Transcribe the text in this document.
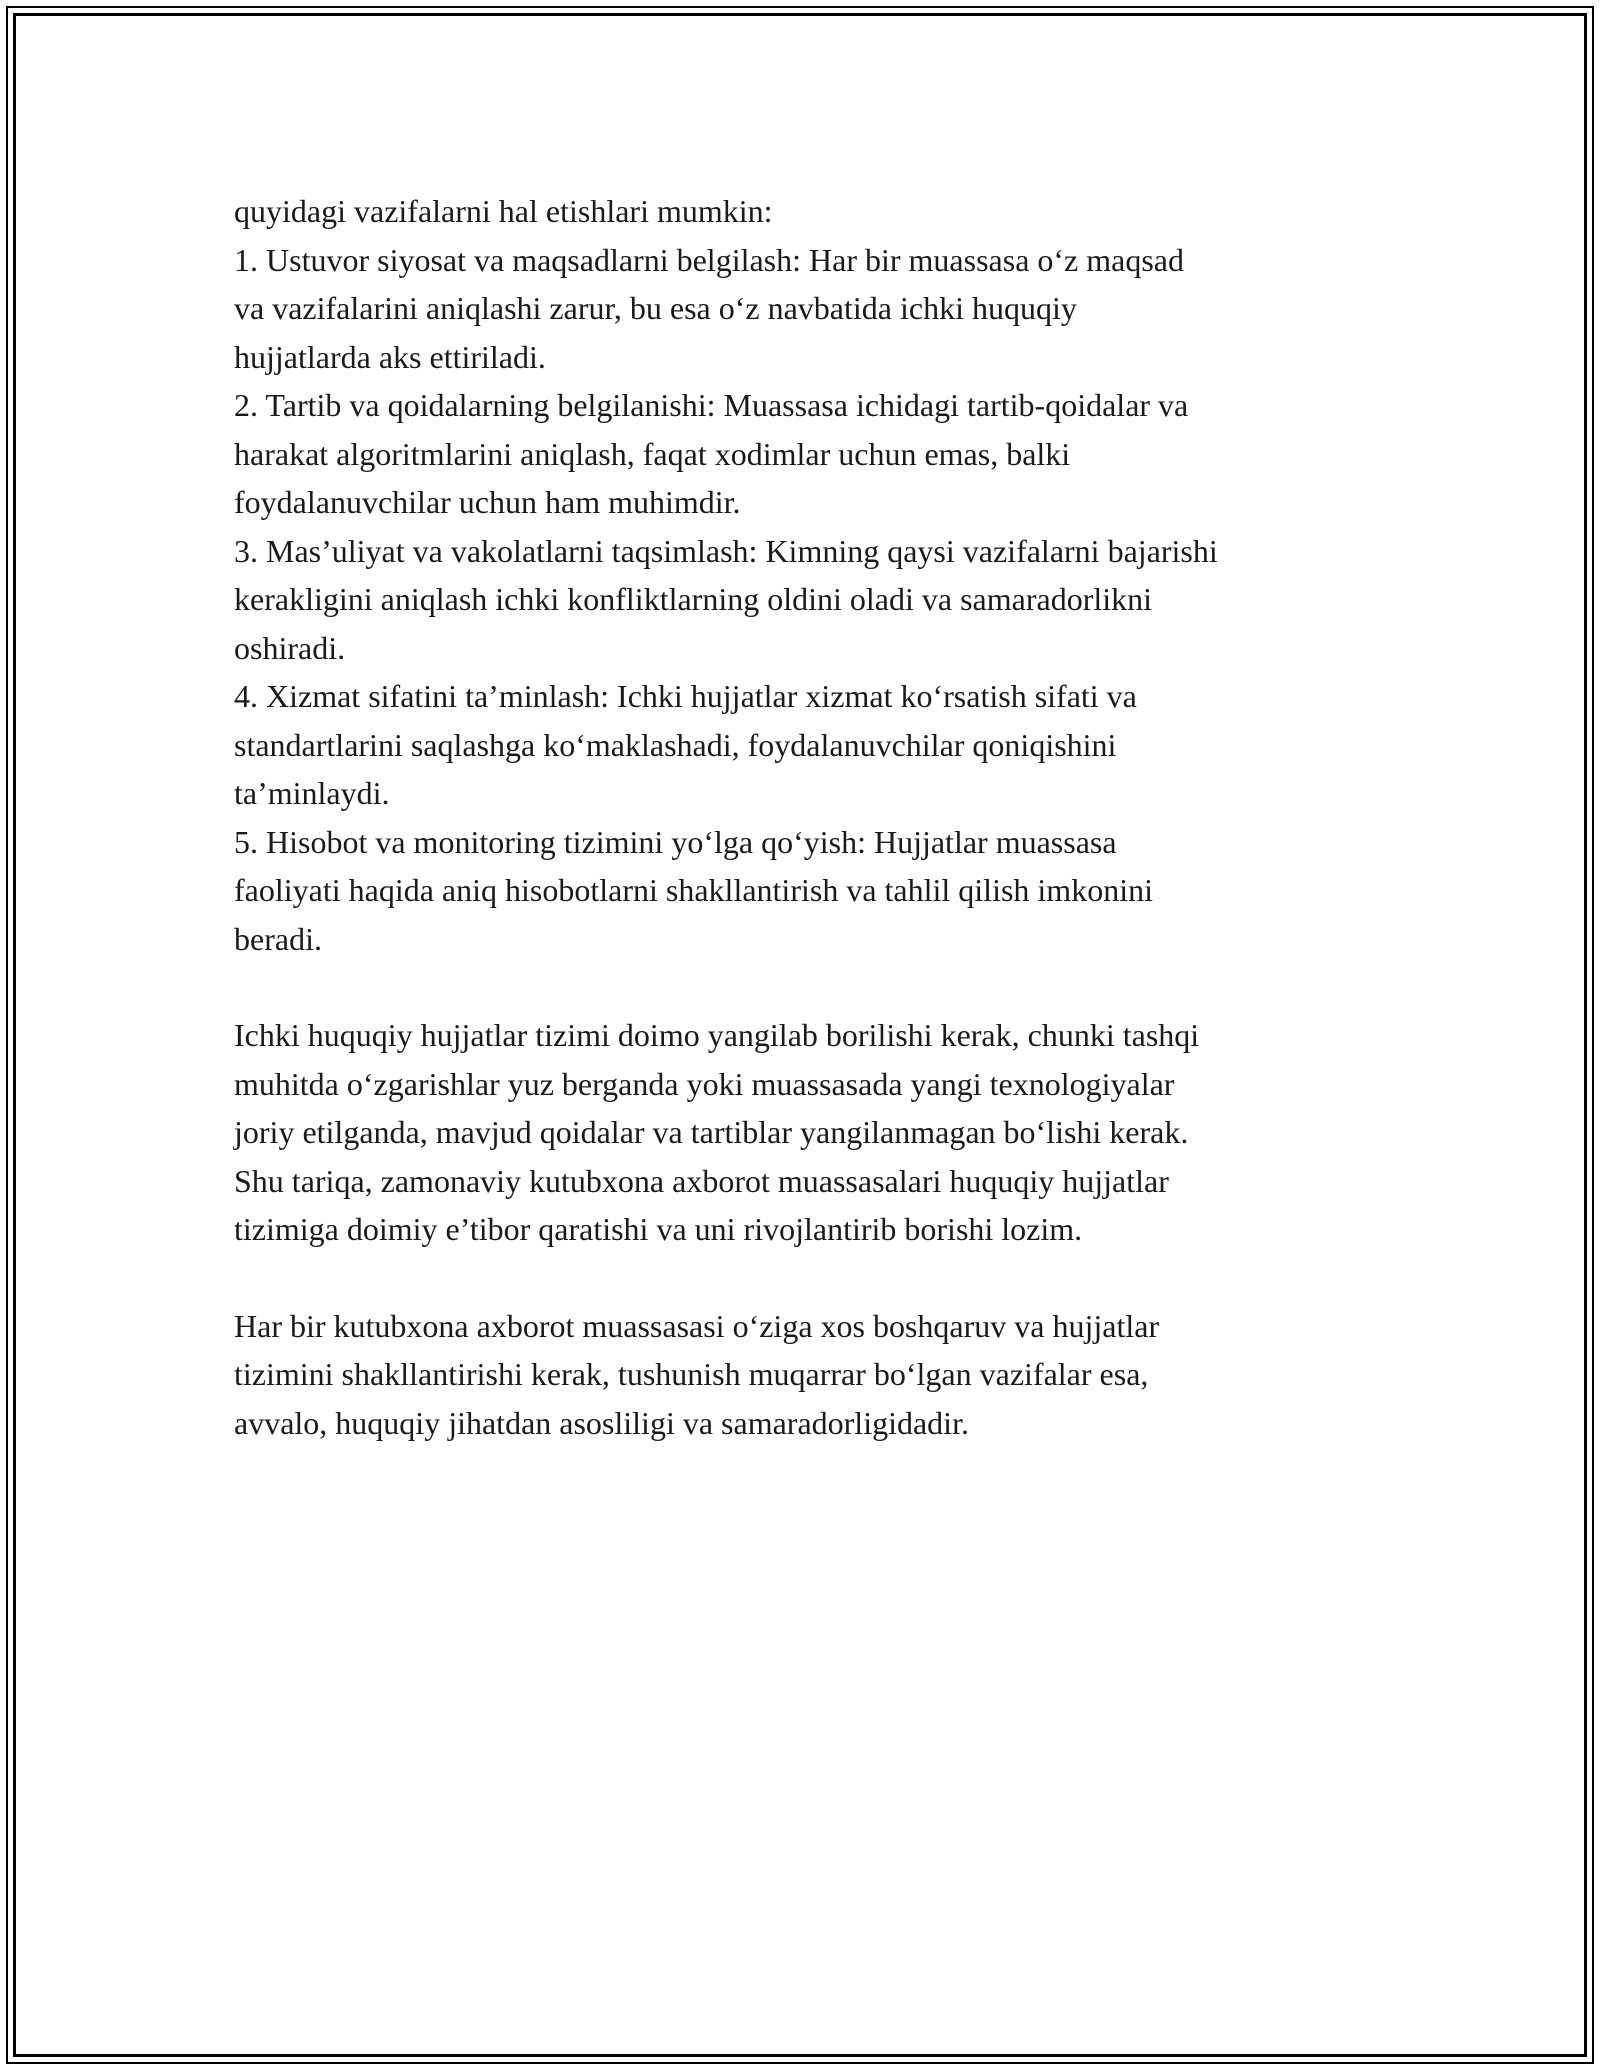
quyidagi vazifalarni hal etishlari mumkin:
1. Ustuvor siyosat va maqsadlarni belgilash: Har bir muassasa o‘z maqsad
va vazifalarini aniqlashi zarur, bu esa o‘z navbatida ichki huquqiy
hujjatlarda aks ettiriladi.
2. Tartib va qoidalarning belgilanishi: Muassasa ichidagi tartib-qoidalar va
harakat algoritmlarini aniqlash, faqat xodimlar uchun emas, balki
foydalanuvchilar uchun ham muhimdir.
3. Mas’uliyat va vakolatlarni taqsimlash: Kimning qaysi vazifalarni bajarishi
kerakligini aniqlash ichki konfliktlarning oldini oladi va samaradorlikni
oshiradi.
4. Xizmat sifatini ta’minlash: Ichki hujjatlar xizmat ko‘rsatish sifati va
standartlarini saqlashga ko‘maklashadi, foydalanuvchilar qoniqishini
ta’minlaydi.
5. Hisobot va monitoring tizimini yo‘lga qo‘yish: Hujjatlar muassasa
faoliyati haqida aniq hisobotlarni shakllantirish va tahlil qilish imkonini
beradi.
Ichki huquqiy hujjatlar tizimi doimo yangilab borilishi kerak, chunki tashqi
muhitda o‘zgarishlar yuz berganda yoki muassasada yangi texnologiyalar
joriy etilganda, mavjud qoidalar va tartiblar yangilanmagan bo‘lishi kerak.
Shu tariqa, zamonaviy kutubxona axborot muassasalari huquqiy hujjatlar
tizimiga doimiy e’tibor qaratishi va uni rivojlantirib borishi lozim.
Har bir kutubxona axborot muassasasi o‘ziga xos boshqaruv va hujjatlar
tizimini shakllantirishi kerak, tushunish muqarrar bo‘lgan vazifalar esa,
avvalo, huquqiy jihatdan asosliligi va samaradorligidadir.
